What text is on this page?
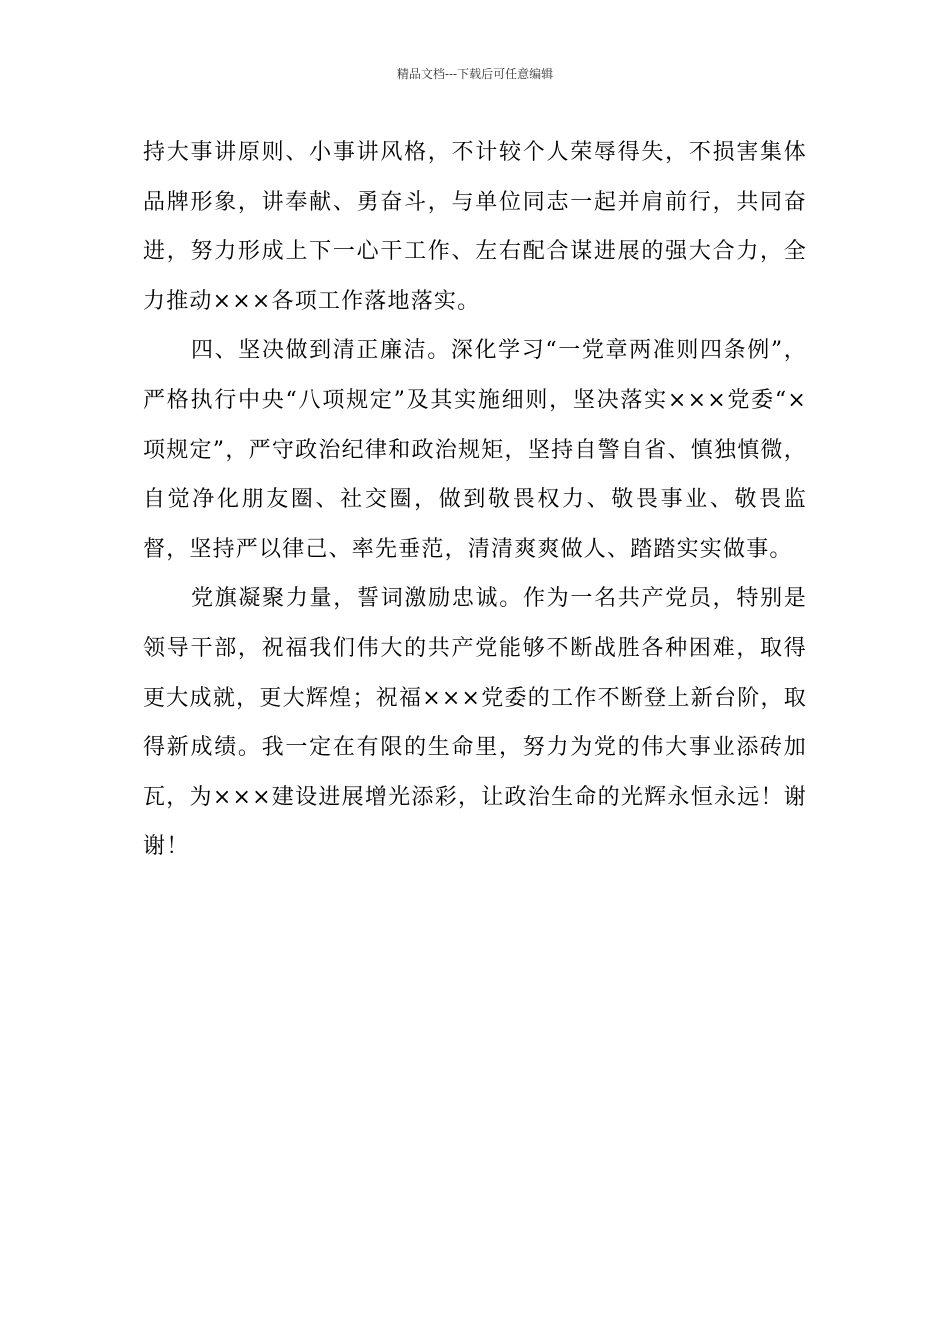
精品文档---下载后可任意编辑

持大事讲原则、小事讲风格，不计较个人荣辱得失，不损害集体品牌形象，讲奉献、勇奋斗，与单位同志一起并肩前行，共同奋进，努力形成上下一心干工作、左右配合谋进展的强大合力，全力推动×××各项工作落地落实。

四、坚决做到清正廉洁。深化学习“一党章两准则四条例”，严格执行中央“八项规定”及其实施细则，坚决落实×××党委“×项规定”，严守政治纪律和政治规矩，坚持自警自省、慎独慎微，自觉净化朋友圈、社交圈，做到敬畏权力、敬畏事业、敬畏监督，坚持严以律己、率先垂范，清清爽爽做人、踏踏实实做事。

党旗凝聚力量，誓词激励忠诚。作为一名共产党员，特别是领导干部，祝福我们伟大的共产党能够不断战胜各种困难，取得更大成就，更大辉煌；祝福×××党委的工作不断登上新台阶，取得新成绩。我一定在有限的生命里，努力为党的伟大事业添砖加瓦，为×××建设进展增光添彩，让政治生命的光辉永恒永远！谢谢！
